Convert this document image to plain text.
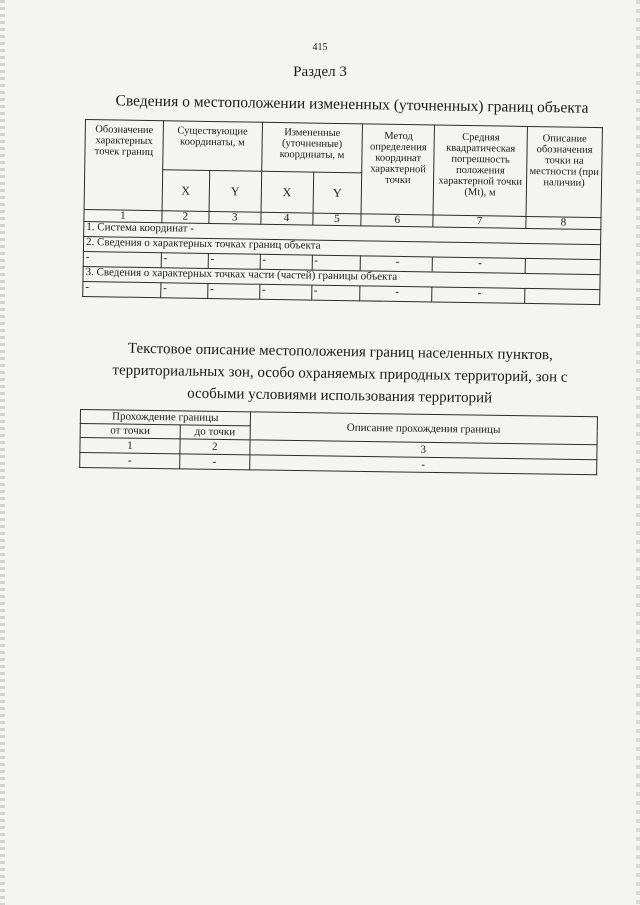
415
Раздел 3
Сведения о местоположении измененных (уточненных) границ объекта
Обозначение характерных точек границ	Существующие координаты, м		Измененные (уточненные) координаты, м		Метод определения координат характерной точки	Средняя квадратическая погрешность положения характерной точки (Mt), м	Описание обозначения точки на местности (при наличии)
	X	Y	X	Y			
1	2	3	4	5	6	7	8
1. Система координат -							
2. Сведения о характерных точках границ объекта							
-	-	-	-	-	-	-	
3. Сведения о характерных точках части (частей) границы объекта							
-	-	-	-	-	-	-	
Текстовое описание местоположения границ населенных пунктов, территориальных зон, особо охраняемых природных территорий, зон с особыми условиями использования территорий
Прохождение границы		Описание прохождения границы
от точки	до точки	
1	2	3
-	-	-
